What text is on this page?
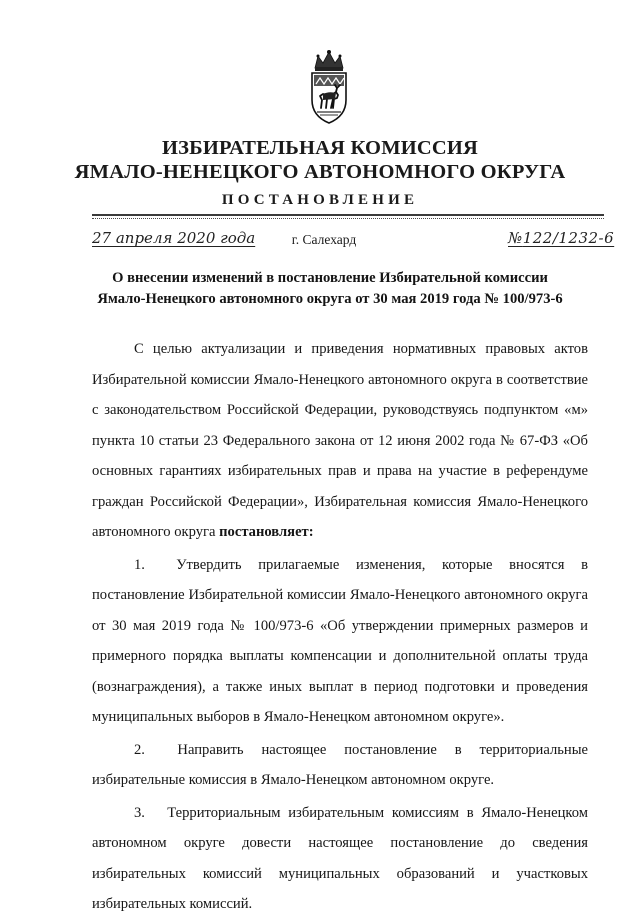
ИЗБИРАТЕЛЬНАЯ КОМИССИЯ
ЯМАЛО-НЕНЕЦКОГО АВТОНОМНОГО ОКРУГА
ПОСТАНОВЛЕНИЕ
27 апреля 2020 года	г. Салехард	№122/1232-6
О внесении изменений в постановление Избирательной комиссии
Ямало-Ненецкого автономного округа от 30 мая 2019 года № 100/973-6

С целью актуализации и приведения нормативных правовых актов Избирательной комиссии Ямало-Ненецкого автономного округа в соответствие с законодательством Российской Федерации, руководствуясь подпунктом «м» пункта 10 статьи 23 Федерального закона от 12 июня 2002 года № 67-ФЗ «Об основных гарантиях избирательных прав и права на участие в референдуме граждан Российской Федерации», Избирательная комиссия Ямало-Ненецкого автономного округа постановляет:

1.  Утвердить прилагаемые изменения, которые вносятся в постановление Избирательной комиссии Ямало-Ненецкого автономного округа от 30 мая 2019 года № 100/973-6 «Об утверждении примерных размеров и примерного порядка выплаты компенсации и дополнительной оплаты труда (вознаграждения), а также иных выплат в период подготовки и проведения муниципальных выборов в Ямало-Ненецком автономном округе».

2.  Направить настоящее постановление в территориальные избирательные комиссия в Ямало-Ненецком автономном округе.

3.  Территориальным избирательным комиссиям в Ямало-Ненецком автономном округе довести настоящее постановление до сведения избирательных комиссий муниципальных образований и участковых избирательных комиссий.
